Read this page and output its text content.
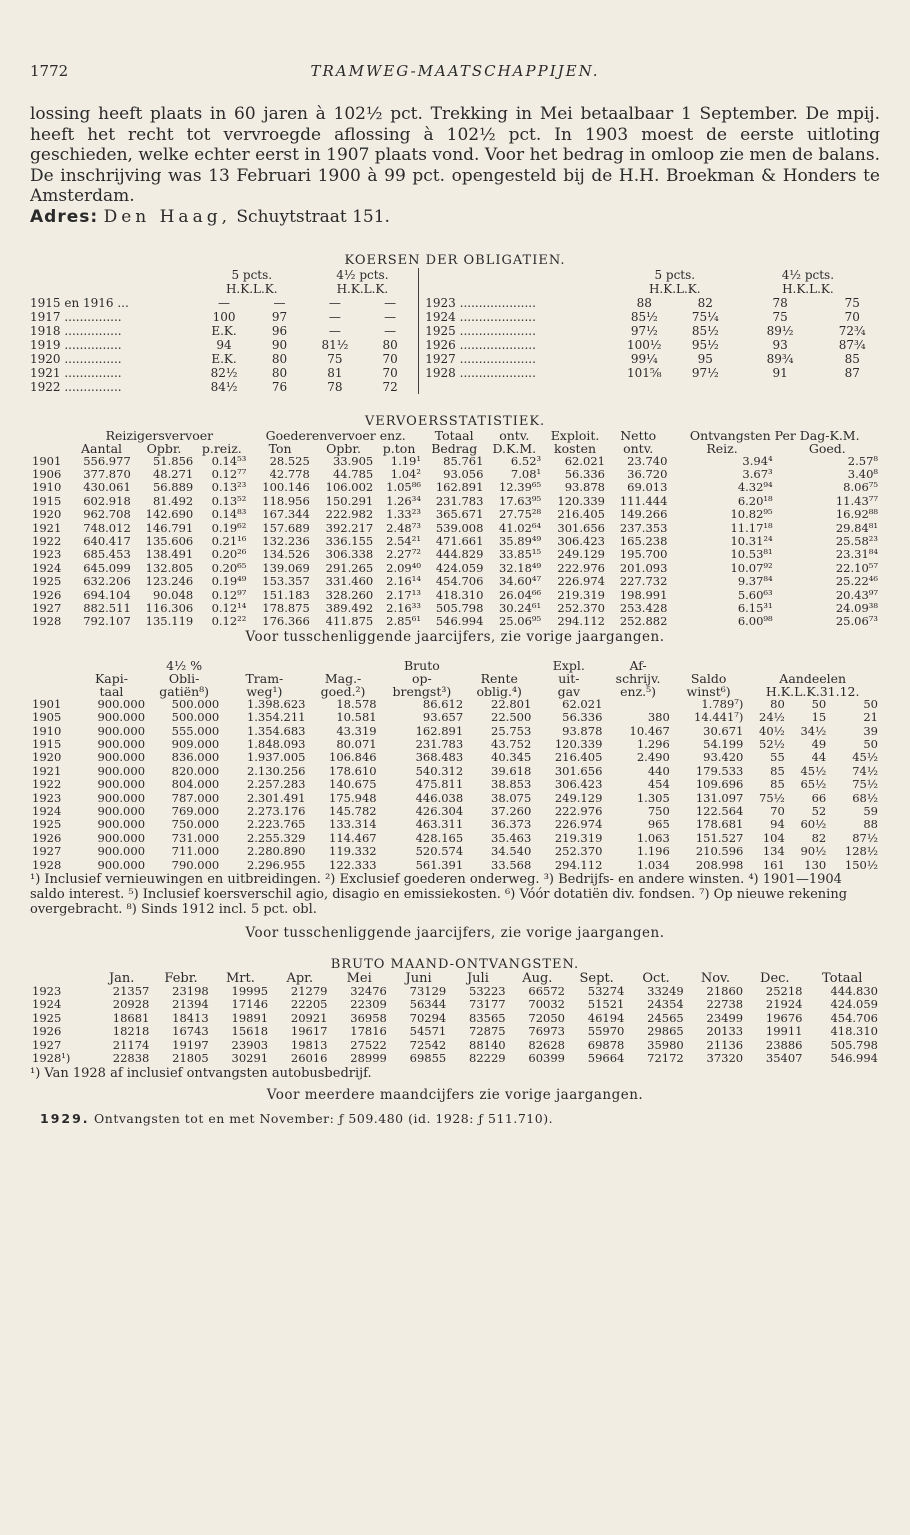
1772	TRAMWEG-MAATSCHAPPIJEN.

lossing heeft plaats in 60 jaren à 102½ pct. Trekking in Mei betaalbaar 1 September. De mpij. heeft het recht tot vervroegde aflossing à 102½ pct. In 1903 moest de eerste uitloting geschieden, welke echter eerst in 1907 plaats vond. Voor het bedrag in omloop zie men de balans. De inschrijving was 13 Februari 1900 à 99 pct. opengesteld bij de H.H. Broekman & Honders te Amsterdam.

Adres: Den Haag, Schuytstraat 151.
KOERSEN DER OBLIGATIEN.
	5 pcts.		4½ pcts.				5 pcts.		4½ pcts.	
	H.K.L.K.		H.K.L.K.				H.K.L.K.		H.K.L.K.	
1915 en 1916 ...	—	—	—	—		1923 ....................	88	82	78	75
1917 ...............	100	97	—	—		1924 ....................	85½	75¼	75	70
1918 ...............	E.K.	96	—	—		1925 ....................	97½	85½	89½	72¾
1919 ...............	94	90	81½	80		1926 ....................	100½	95½	93	87¾
1920 ...............	E.K.	80	75	70		1927 ....................	99¼	95	89¾	85
1921 ...............	82½	80	81	70		1928 ....................	101⅝	97½	91	87
1922 ...............	84½	76	78	72						
VERVOERSSTATISTIEK.
	Reizigersvervoer			Goederenvervoer enz.			Totaal	ontv.	Exploit.	Netto	Ontvangsten Per Dag-K.M.	
	Aantal	Opbr.	p.reiz.	Ton	Opbr.	p.ton	Bedrag	D.K.M.	kosten	ontv.	Reiz.	Goed.
1901	556.977	51.856	0.14⁵³	28.525	33.905	1.19¹	85.761	6.52³	62.021	23.740	3.94⁴	2.57⁸
1906	377.870	48.271	0.12⁷⁷	42.778	44.785	1.04²	93.056	7.08¹	56.336	36.720	3.67³	3.40⁸
1910	430.061	56.889	0.13²³	100.146	106.002	1.05⁸⁶	162.891	12.39⁶⁵	93.878	69.013	4.32⁹⁴	8.06⁷⁵
1915	602.918	81.492	0.13⁵²	118.956	150.291	1.26³⁴	231.783	17.63⁹⁵	120.339	111.444	6.20¹⁸	11.43⁷⁷
1920	962.708	142.690	0.14⁸³	167.344	222.982	1.33²³	365.671	27.75²⁸	216.405	149.266	10.82⁹⁵	16.92⁸⁸
1921	748.012	146.791	0.19⁶²	157.689	392.217	2.48⁷³	539.008	41.02⁶⁴	301.656	237.353	11.17¹⁸	29.84⁸¹
1922	640.417	135.606	0.21¹⁶	132.236	336.155	2.54²¹	471.661	35.89⁴⁹	306.423	165.238	10.31²⁴	25.58²³
1923	685.453	138.491	0.20²⁶	134.526	306.338	2.27⁷²	444.829	33.85¹⁵	249.129	195.700	10.53⁸¹	23.31⁸⁴
1924	645.099	132.805	0.20⁶⁵	139.069	291.265	2.09⁴⁰	424.059	32.18⁴⁹	222.976	201.093	10.07⁹²	22.10⁵⁷
1925	632.206	123.246	0.19⁴⁹	153.357	331.460	2.16¹⁴	454.706	34.60⁴⁷	226.974	227.732	9.37⁸⁴	25.22⁴⁶
1926	694.104	90.048	0.12⁹⁷	151.183	328.260	2.17¹³	418.310	26.04⁶⁶	219.319	198.991	5.60⁶³	20.43⁹⁷
1927	882.511	116.306	0.12¹⁴	178.875	389.492	2.16³³	505.798	30.24⁶¹	252.370	253.428	6.15³¹	24.09³⁸
1928	792.107	135.119	0.12²²	176.366	411.875	2.85⁶¹	546.994	25.06⁹⁵	294.112	252.882	6.00⁹⁸	25.06⁷³
Voor tusschenliggende jaarcijfers, zie vorige jaargangen.
		4½ %			Bruto		Expl.	Af-				
	Kapi-	Obli-	Tram-	Mag.-	op-	Rente	uit-	schrijv.	Saldo	Aandeelen		
	taal	gatiën⁸)	weg¹)	goed.²)	brengst³)	oblig.⁴)	gav	enz.⁵)	winst⁶)	H.K.L.K.31.12.		
1901	900.000	500.000	1.398.623	18.578	86.612	22.801	62.021		1.789⁷)	80	50	50
1905	900.000	500.000	1.354.211	10.581	93.657	22.500	56.336	380	14.441⁷)	24½	15	21
1910	900.000	555.000	1.354.683	43.319	162.891	25.753	93.878	10.467	30.671	40½	34½	39
1915	900.000	909.000	1.848.093	80.071	231.783	43.752	120.339	1.296	54.199	52½	49	50
1920	900.000	836.000	1.937.005	106.846	368.483	40.345	216.405	2.490	93.420	55	44	45½
1921	900.000	820.000	2.130.256	178.610	540.312	39.618	301.656	440	179.533	85	45½	74½
1922	900.000	804.000	2.257.283	140.675	475.811	38.853	306.423	454	109.696	85	65½	75½
1923	900.000	787.000	2.301.491	175.948	446.038	38.075	249.129	1.305	131.097	75½	66	68½
1924	900.000	769.000	2.273.176	145.782	426.304	37.260	222.976	750	122.564	70	52	59
1925	900.000	750.000	2.223.765	133.314	463.311	36.373	226.974	965	178.681	94	60½	88
1926	900.000	731.000	2.255.329	114.467	428.165	35.463	219.319	1.063	151.527	104	82	87½
1927	900.000	711.000	2.280.890	119.332	520.574	34.540	252.370	1.196	210.596	134	90½	128½
1928	900.000	790.000	2.296.955	122.333	561.391	33.568	294.112	1.034	208.998	161	130	150½
¹) Inclusief vernieuwingen en uitbreidingen. ²) Exclusief goederen onderweg. ³) Bedrijfs- en andere winsten. ⁴) 1901—1904 saldo interest. ⁵) Inclusief koersverschil agio, disagio en emissiekosten. ⁶) Vóór dotatiën div. fondsen. ⁷) Op nieuwe rekening overgebracht. ⁸) Sinds 1912 incl. 5 pct. obl.
Voor tusschenliggende jaarcijfers, zie vorige jaargangen.
BRUTO MAAND-ONTVANGSTEN.
	Jan.	Febr.	Mrt.	Apr.	Mei	Juni	Juli	Aug.	Sept.	Oct.	Nov.	Dec.	Totaal
1923	21357	23198	19995	21279	32476	73129	53223	66572	53274	33249	21860	25218	444.830
1924	20928	21394	17146	22205	22309	56344	73177	70032	51521	24354	22738	21924	424.059
1925	18681	18413	19891	20921	36958	70294	83565	72050	46194	24565	23499	19676	454.706
1926	18218	16743	15618	19617	17816	54571	72875	76973	55970	29865	20133	19911	418.310
1927	21174	19197	23903	19813	27522	72542	88140	82628	69878	35980	21136	23886	505.798
1928¹)	22838	21805	30291	26016	28999	69855	82229	60399	59664	72172	37320	35407	546.994
¹) Van 1928 af inclusief ontvangsten autobusbedrijf.
Voor meerdere maandcijfers zie vorige jaargangen.
1929. Ontvangsten tot en met November: ƒ 509.480 (id. 1928: ƒ 511.710).
